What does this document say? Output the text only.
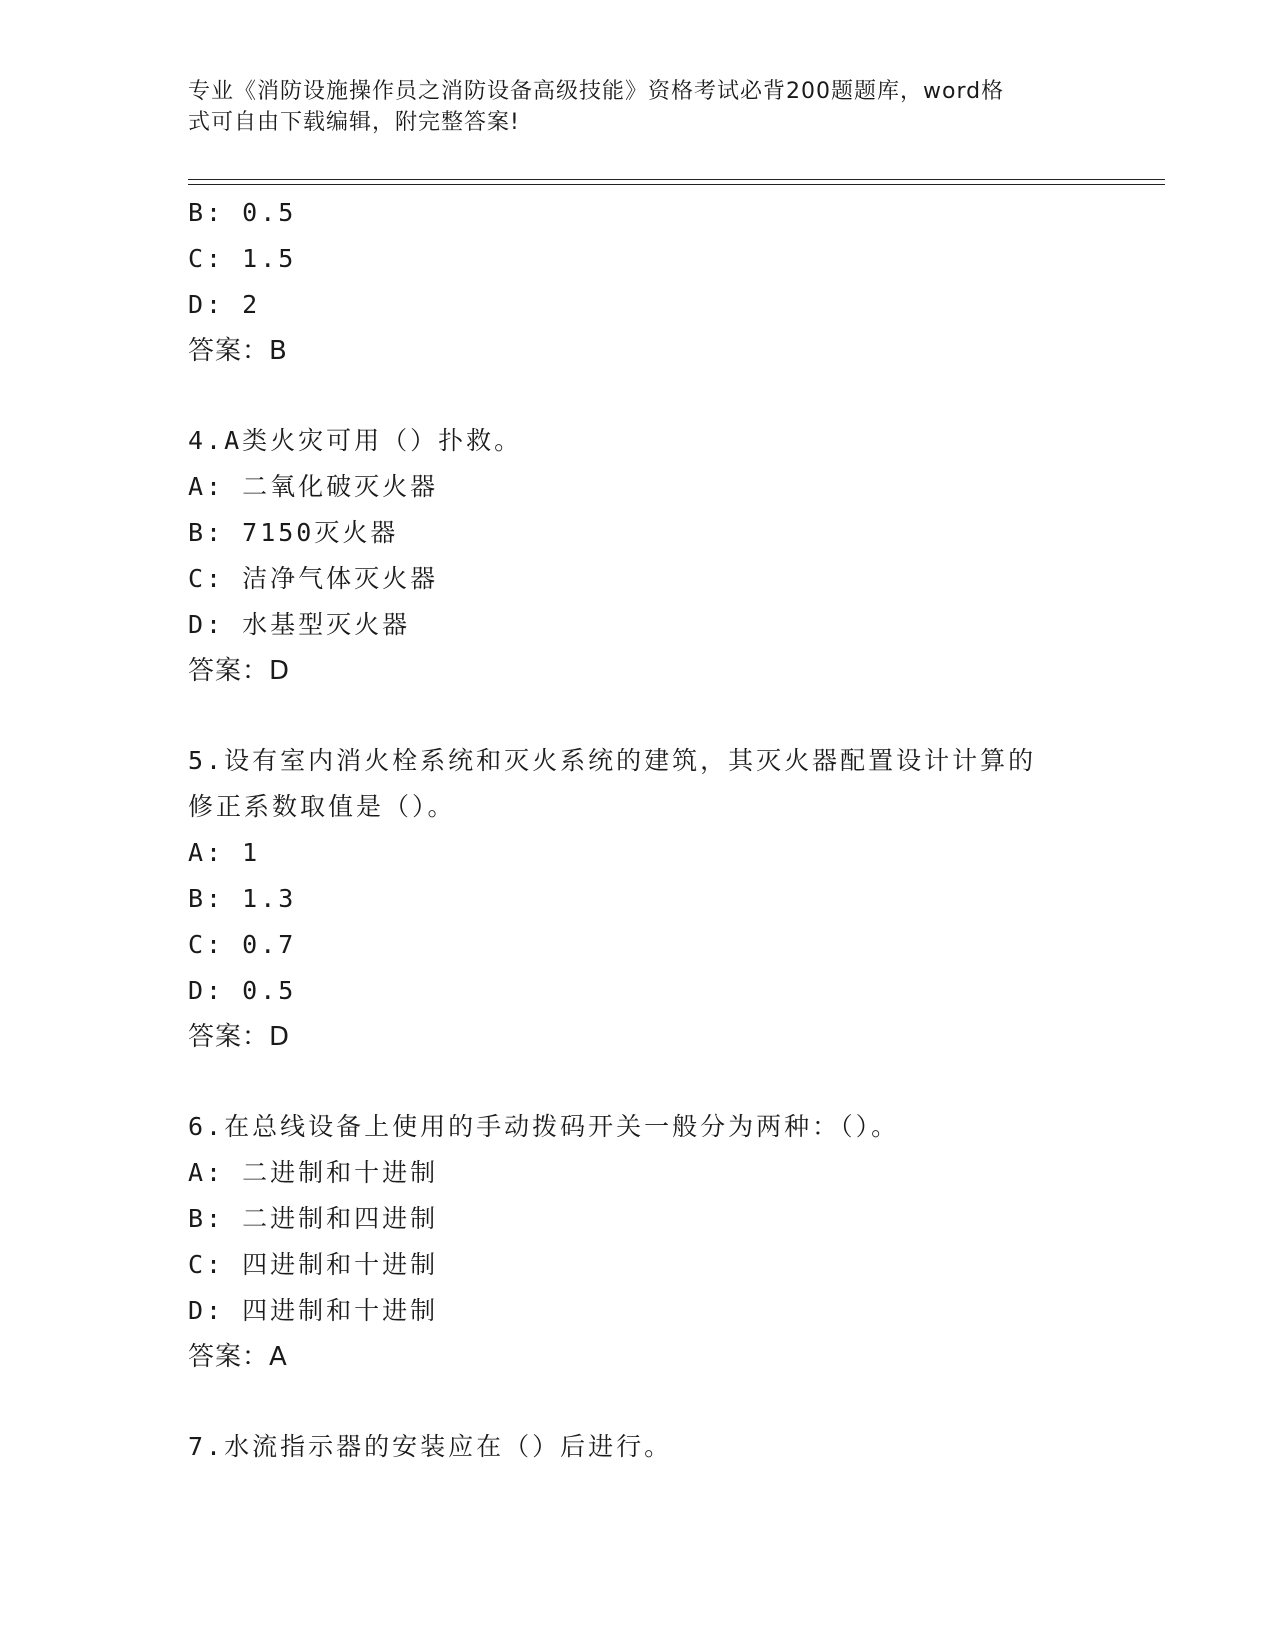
专业《消防设施操作员之消防设备高级技能》资格考试必背200题题库，word格
式可自由下载编辑，附完整答案!
B: 0.5
C: 1.5
D: 2
答案：B
4.A类火灾可用（）扑救。
A: 二氧化破灭火器
B: 7150灭火器
C: 洁净气体灭火器
D: 水基型灭火器
答案：D
5.设有室内消火栓系统和灭火系统的建筑，其灭火器配置设计计算的
修正系数取值是（）。
A: 1
B: 1.3
C: 0.7
D: 0.5
答案：D
6.在总线设备上使用的手动拨码开关一般分为两种：（）。
A: 二进制和十进制
B: 二进制和四进制
C: 四进制和十进制
D: 四进制和十进制
答案：A
7.水流指示器的安装应在（）后进行。
